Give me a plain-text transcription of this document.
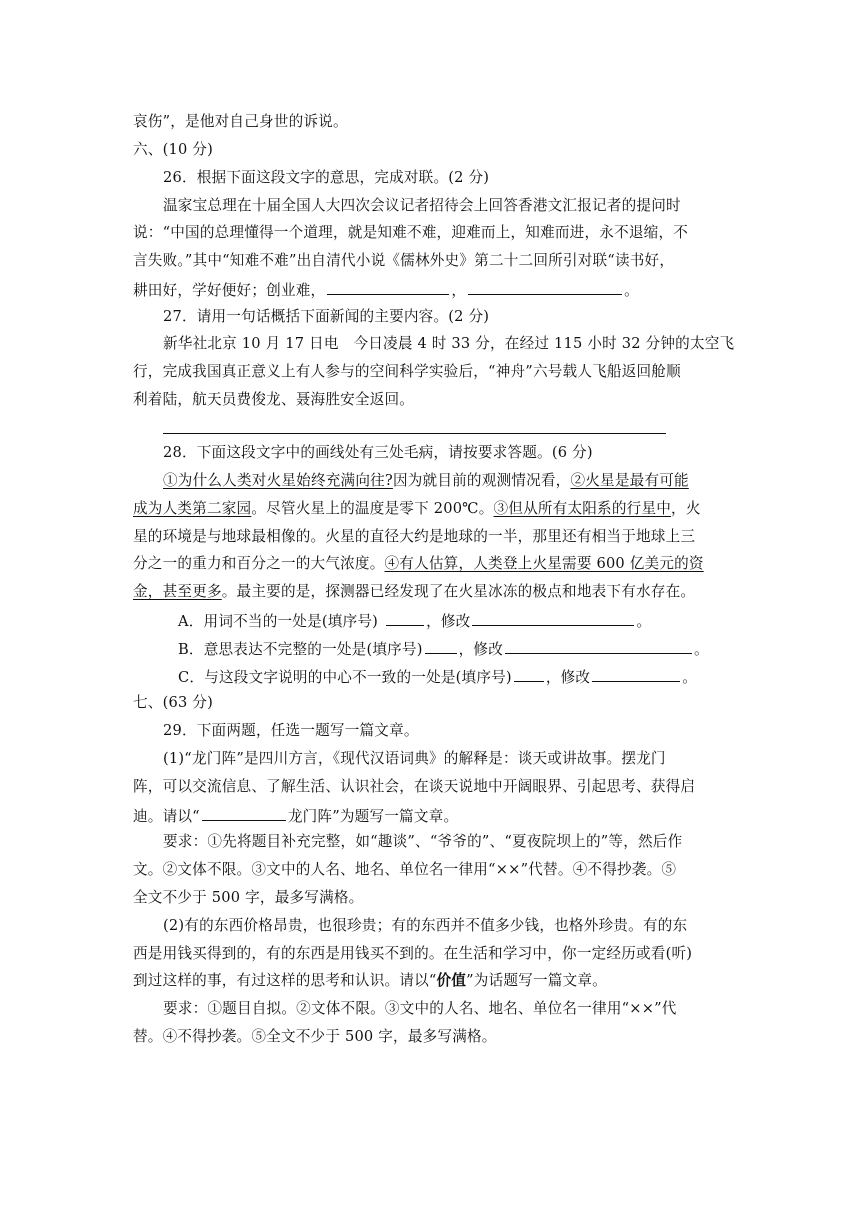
哀伤”，是他对自己身世的诉说。
六、(10 分)
26．根据下面这段文字的意思，完成对联。(2 分)
温家宝总理在十届全国人大四次会议记者招待会上回答香港文汇报记者的提问时
说：“中国的总理懂得一个道理，就是知难不难，迎难而上，知难而进，永不退缩，不
言失败。”其中“知难不难”出自清代小说《儒林外史》第二十二回所引对联“读书好，
耕田好，学好便好；创业难，	，	。
27．请用一句话概括下面新闻的主要内容。(2 分)
新华社北京 10 月 17 日电　今日凌晨 4 时 33 分，在经过 115 小时 32 分钟的太空飞
行，完成我国真正意义上有人参与的空间科学实验后，“神舟”六号载人飞船返回舱顺
利着陆，航天员费俊龙、聂海胜安全返回。
28．下面这段文字中的画线处有三处毛病，请按要求答题。(6 分)
①为什么人类对火星始终充满向往?因为就目前的观测情况看，②火星是最有可能
成为人类第二家园。尽管火星上的温度是零下 200℃。③但从所有太阳系的行星中，火
星的环境是与地球最相像的。火星的直径大约是地球的一半，那里还有相当于地球上三
分之一的重力和百分之一的大气浓度。④有人估算，人类登上火星需要 600 亿美元的资
金，甚至更多。最主要的是，探测器已经发现了在火星冰冻的极点和地表下有水存在。
A．用词不当的一处是(填序号)	，修改	。
B．意思表达不完整的一处是(填序号) ，修改	。
C．与这段文字说明的中心不一致的一处是(填序号) ，修改	。
七、(63 分)
29．下面两题，任选一题写一篇文章。
(1)“龙门阵”是四川方言，《现代汉语词典》的解释是：谈天或讲故事。摆龙门
阵，可以交流信息、了解生活、认识社会，在谈天说地中开阔眼界、引起思考、获得启
迪。请以“	龙门阵”为题写一篇文章。
要求：①先将题目补充完整，如“趣谈”、“爷爷的”、“夏夜院坝上的”等，然后作
文。②文体不限。③文中的人名、地名、单位名一律用“××”代替。④不得抄袭。⑤
全文不少于 500 字，最多写满格。
(2)有的东西价格昂贵，也很珍贵；有的东西并不值多少钱，也格外珍贵。有的东
西是用钱买得到的，有的东西是用钱买不到的。在生活和学习中，你一定经历或看(听)
到过这样的事，有过这样的思考和认识。请以“价值”为话题写一篇文章。
要求：①题目自拟。②文体不限。③文中的人名、地名、单位名一律用“××”代
替。④不得抄袭。⑤全文不少于 500 字，最多写满格。
